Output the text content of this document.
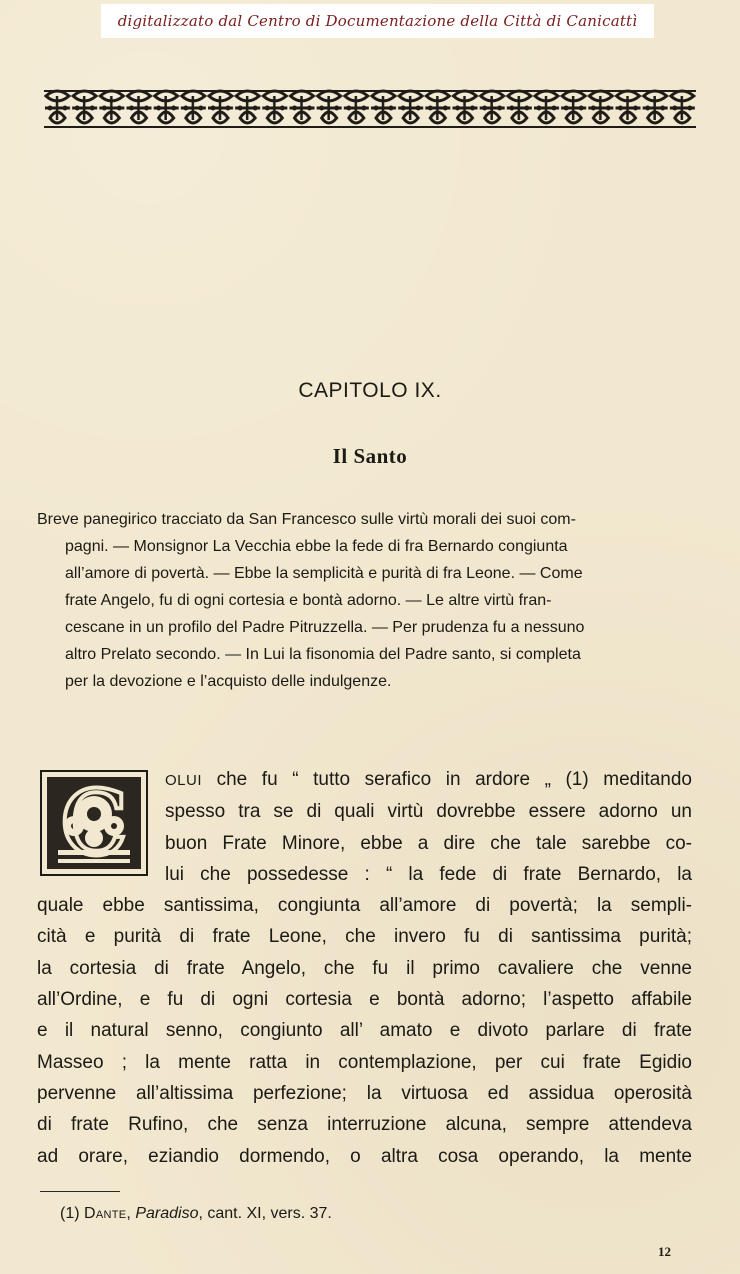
digitalizzato dal Centro di Documentazione della Città di Canicattì
CAPITOLO IX.
Il Santo
Breve panegirico tracciato da San Francesco sulle virtù morali dei suoi com-
pagni. — Monsignor La Vecchia ebbe la fede di fra Bernardo congiunta
all’amore di povertà. — Ebbe la semplicità e purità di fra Leone. — Come
frate Angelo, fu di ogni cortesia e bontà adorno. — Le altre virtù fran-
cescane in un profilo del Padre Pitruzzella. — Per prudenza fu a nessuno
altro Prelato secondo. — In Lui la fisonomia del Padre santo, si completa
per la devozione e l’acquisto delle indulgenze.
C	OLUI che fu “ tutto serafico in ardore „ (1) meditando
spesso tra se di quali virtù dovrebbe essere adorno un
buon Frate Minore, ebbe a dire che tale sarebbe co-
lui che possedesse : “ la fede di frate Bernardo, la
quale ebbe santissima, congiunta all’amore di povertà; la sempli-
cità e purità di frate Leone, che invero fu di santissima purità;
la cortesia di frate Angelo, che fu il primo cavaliere che venne
all’Ordine, e fu di ogni cortesia e bontà adorno; l’aspetto affabile
e il natural senno, congiunto all’ amato e divoto parlare di frate
Masseo ; la mente ratta in contemplazione, per cui frate Egidio
pervenne all’altissima perfezione; la virtuosa ed assidua operosità
di frate Rufino, che senza interruzione alcuna, sempre attendeva
ad orare, eziandio dormendo, o altra cosa operando, la mente
(1) Dante, Paradiso, cant. XI, vers. 37.
12
